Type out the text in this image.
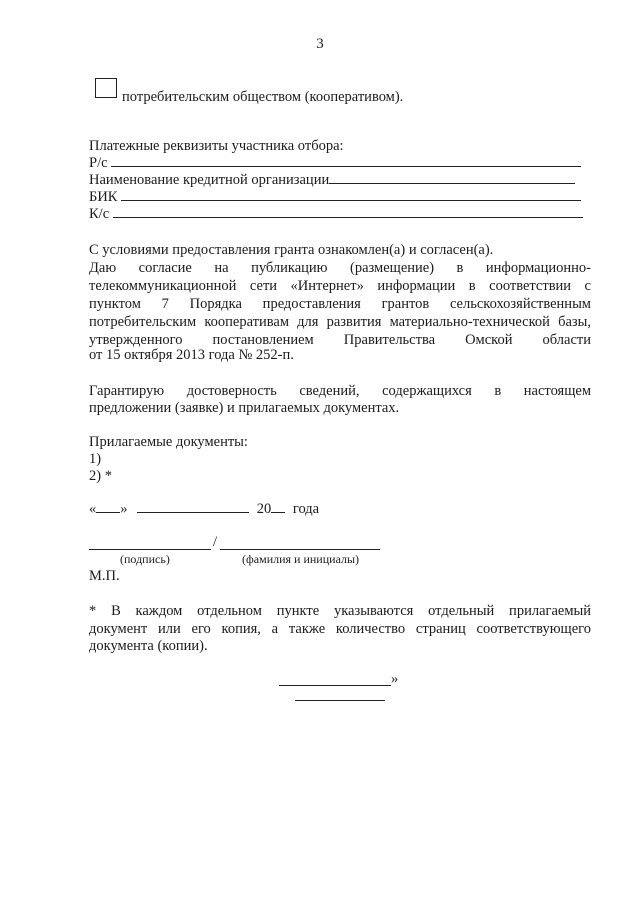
3
потребительским обществом (кооперативом).
Платежные реквизиты участника отбора:
Р/с
Наименование кредитной организации
БИК
К/с
С условиями предоставления гранта ознакомлен(а) и согласен(а).
Даю согласие на публикацию (размещение) в информационно-
телекоммуникационной сети «Интернет» информации в соответствии с
пунктом 7 Порядка предоставления грантов сельскохозяйственным
потребительским кооперативам для развития материально-технической базы,
утвержденного постановлением Правительства Омской области
от 15 октября 2013 года № 252-п.
Гарантирую достоверность сведений, содержащихся в настоящем
предложении (заявке) и прилагаемых документах.
Прилагаемые документы:
1)
2) *
« »	20 года
/
(подпись)	(фамилия и инициалы)
М.П.
* В каждом отдельном пункте указываются отдельный прилагаемый
документ или его копия, а также количество страниц соответствующего
документа (копии).
»
